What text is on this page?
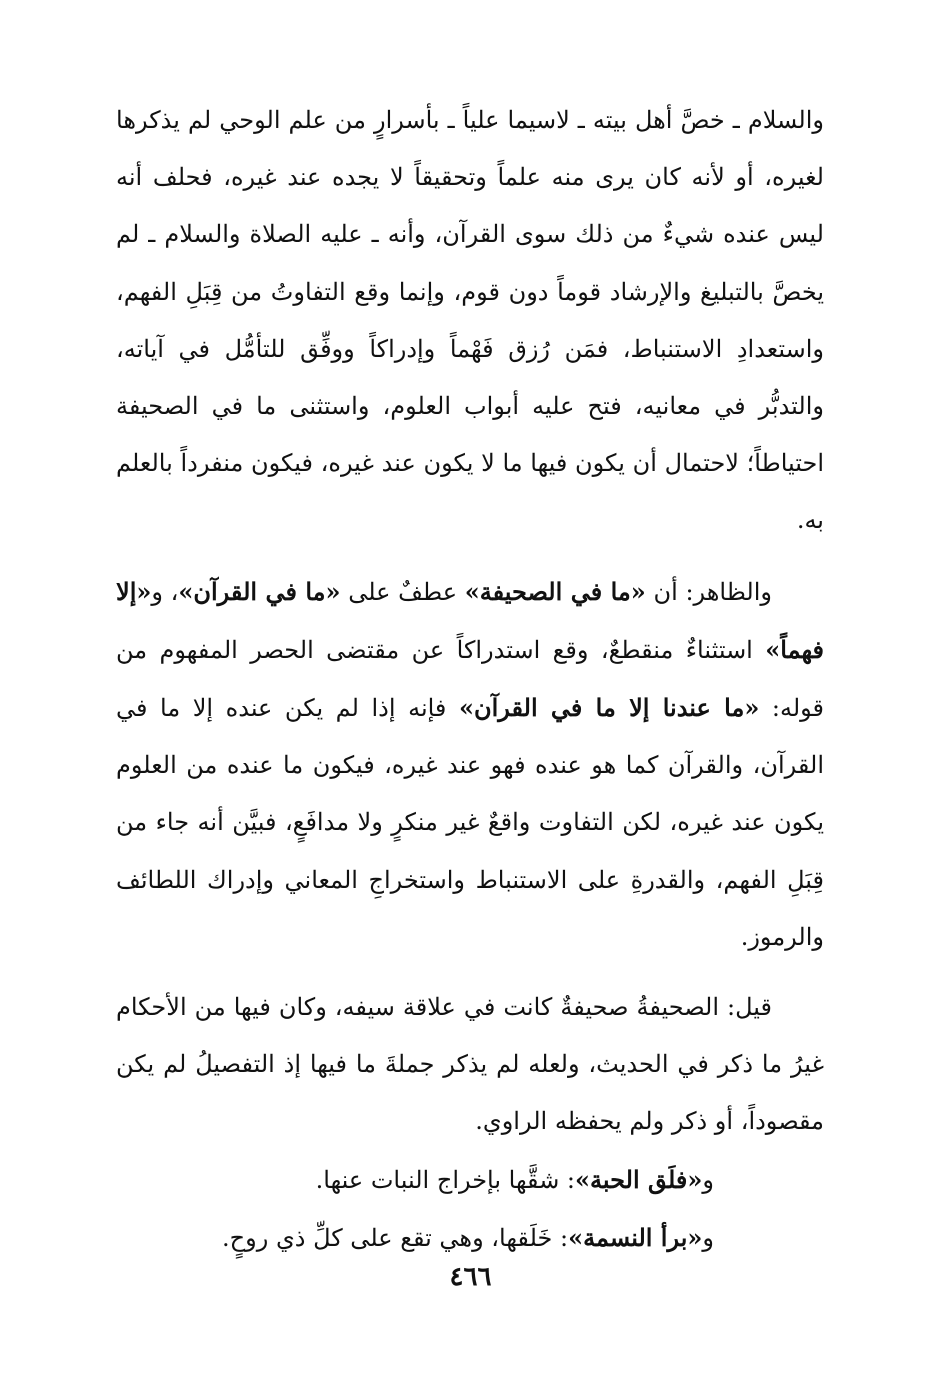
والسلام ـ خصَّ أهل بيته ـ لاسيما علياً ـ بأسرارٍ من علم الوحي لم يذكرها لغيره، أو لأنه كان يرى منه علماً وتحقيقاً لا يجده عند غيره، فحلف أنه ليس عنده شيءٌ من ذلك سوى القرآن، وأنه ـ عليه الصلاة والسلام ـ لم يخصَّ بالتبليغ والإرشاد قوماً دون قوم، وإنما وقع التفاوتُ من قِبَلِ الفهم، واستعدادِ الاستنباط، فمَن رُزق فَهْماً وإدراكاً ووفِّق للتأمُّل في آياته، والتدبُّر في معانيه، فتح عليه أبواب العلوم، واستثنى ما في الصحيفة احتياطاً؛ لاحتمال أن يكون فيها ما لا يكون عند غيره، فيكون منفرداً بالعلم به.

والظاهر: أن «ما في الصحيفة» عطفٌ على «ما في القرآن»، و«إلا فهماً» استثناءٌ منقطعٌ، وقع استدراكاً عن مقتضى الحصر المفهوم من قوله: «ما عندنا إلا ما في القرآن» فإنه إذا لم يكن عنده إلا ما في القرآن، والقرآن كما هو عنده فهو عند غيره، فيكون ما عنده من العلوم يكون عند غيره، لكن التفاوت واقعٌ غير منكرٍ ولا مدافَعٍ، فبيَّن أنه جاء من قِبَلِ الفهم، والقدرةِ على الاستنباط واستخراجِ المعاني وإدراك اللطائف والرموز.

قيل: الصحيفةُ صحيفةٌ كانت في علاقة سيفه، وكان فيها من الأحكام غيرُ ما ذكر في الحديث، ولعله لم يذكر جملةَ ما فيها إذ التفصيلُ لم يكن مقصوداً، أو ذكر ولم يحفظه الراوي.

و«فلَق الحبة»: شقَّها بإخراج النبات عنها.

و«برأ النسمة»: خَلَقها، وهي تقع على كلِّ ذي روحٍ.

٤٦٦
